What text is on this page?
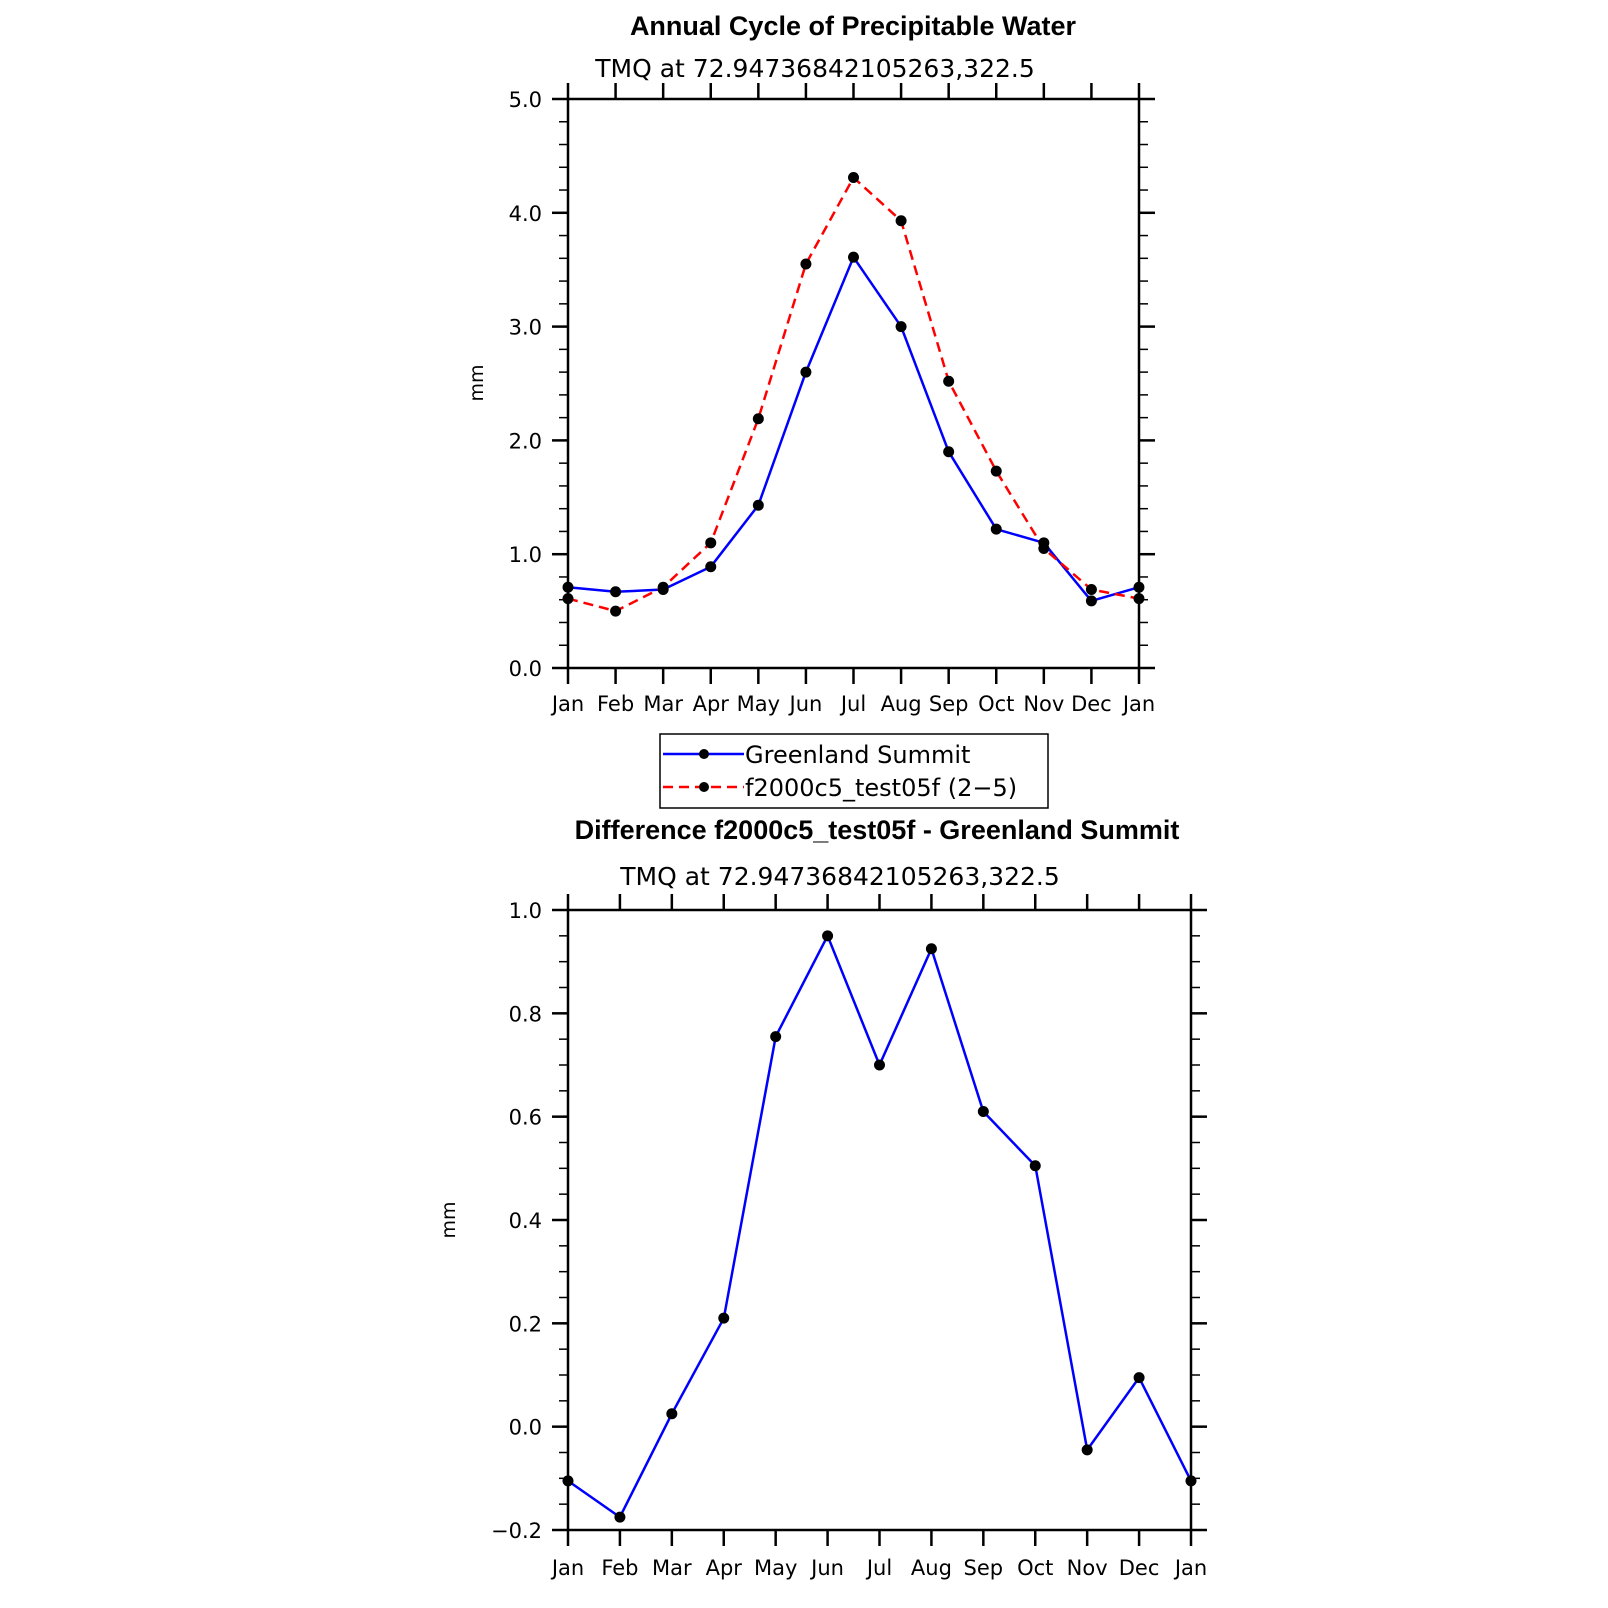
Annual Cycle of Precipitable Water
TMQ at 72.94736842105263,322.5
mm
Jan Feb Mar Apr May Jun Jul Aug Sep Oct Nov Dec Jan
0.0
1.0
2.0
3.0
4.0
5.0
Greenland Summit
f2000c5_test05f (2−5)
Difference f2000c5_test05f - Greenland Summit
TMQ at 72.94736842105263,322.5
mm
Jan Feb Mar Apr May Jun Jul Aug Sep Oct Nov Dec Jan
−0.2
0.0
0.2
0.4
0.6
0.8
1.0
